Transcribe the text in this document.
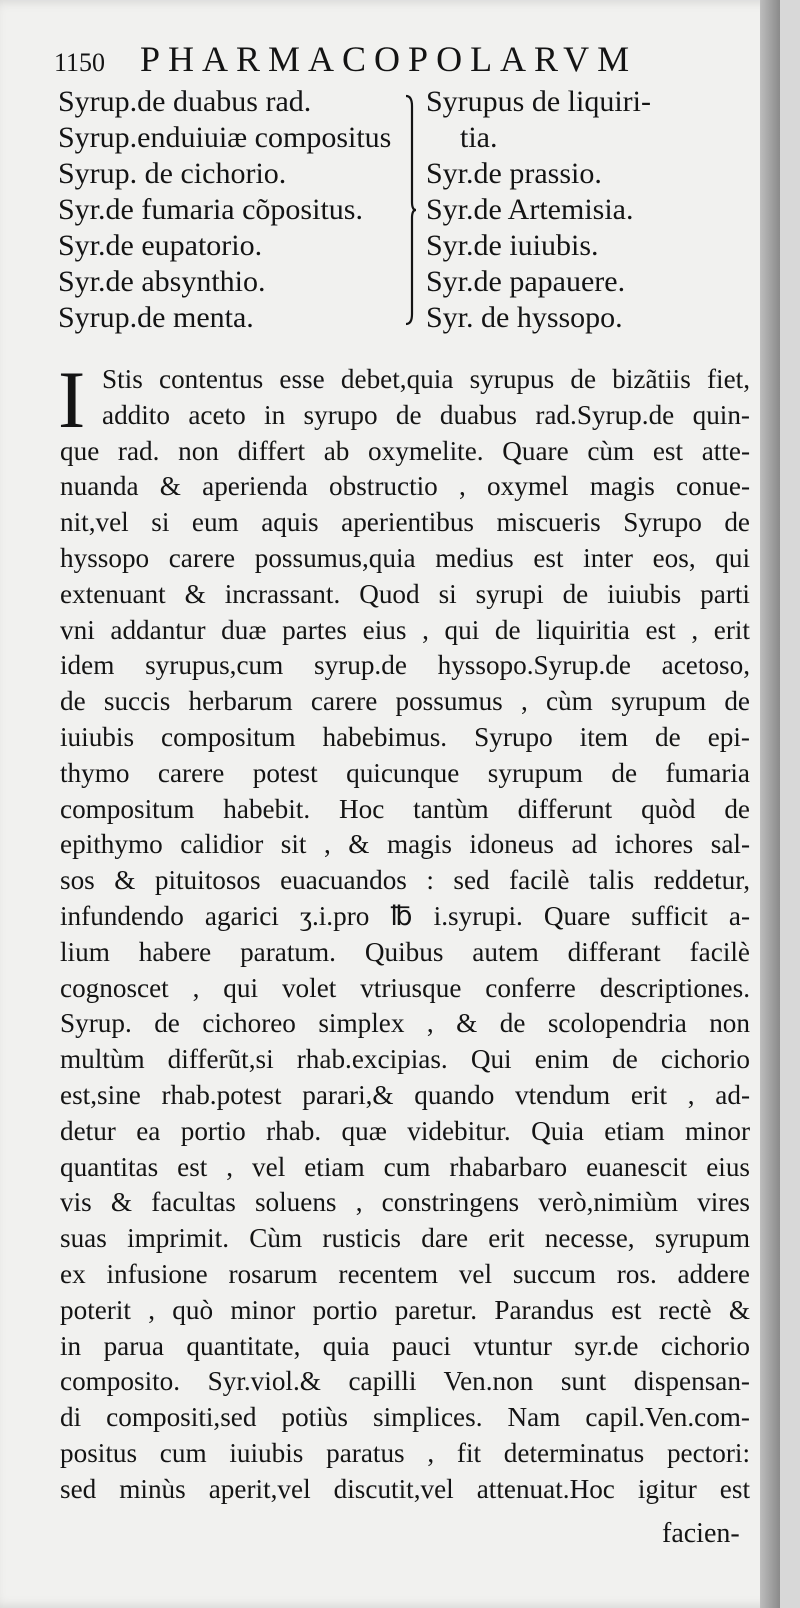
1150 PHARMACOPOLARVM
Syrup.de duabus rad.
Syrup.enduiuiæ compositus
Syrup. de cichorio.
Syr.de fumaria cõpositus.
Syr.de eupatorio.
Syr.de absynthio.
Syrup.de menta.
Syrupus de liquiri-
tia.
Syr.de prassio.
Syr.de Artemisia.
Syr.de iuiubis.
Syr.de papauere.
Syr. de hyssopo.
I Stis contentus esse debet,quia syrupus de bizãtiis fiet,
addito aceto in syrupo de duabus rad.Syrup.de quin-
que rad. non differt ab oxymelite. Quare cùm est atte-
nuanda & aperienda obstructio , oxymel magis conue-
nit,vel si eum aquis aperientibus miscueris Syrupo de
hyssopo carere possumus,quia medius est inter eos, qui
extenuant & incrassant. Quod si syrupi de iuiubis parti
vni addantur duæ partes eius , qui de liquiritia est , erit
idem syrupus,cum syrup.de hyssopo.Syrup.de acetoso,
de succis herbarum carere possumus , cùm syrupum de
iuiubis compositum habebimus. Syrupo item de epi-
thymo carere potest quicunque syrupum de fumaria
compositum habebit. Hoc tantùm differunt quòd de
epithymo calidior sit , & magis idoneus ad ichores sal-
sos & pituitosos euacuandos : sed facilè talis reddetur,
infundendo agarici ʒ.i.pro ℔ i.syrupi. Quare sufficit a-
lium habere paratum. Quibus autem differant facilè
cognoscet , qui volet vtriusque conferre descriptiones.
Syrup. de cichoreo simplex , & de scolopendria non
multùm differũt,si rhab.excipias. Qui enim de cichorio
est,sine rhab.potest parari,& quando vtendum erit , ad-
detur ea portio rhab. quæ videbitur. Quia etiam minor
quantitas est , vel etiam cum rhabarbaro euanescit eius
vis & facultas soluens , constringens verò,nimiùm vires
suas imprimit. Cùm rusticis dare erit necesse, syrupum
ex infusione rosarum recentem vel succum ros. addere
poterit , quò minor portio paretur. Parandus est rectè &
in parua quantitate, quia pauci vtuntur syr.de cichorio
composito. Syr.viol.& capilli Ven.non sunt dispensan-
di compositi,sed potiùs simplices. Nam capil.Ven.com-
positus cum iuiubis paratus , fit determinatus pectori:
sed minùs aperit,vel discutit,vel attenuat.Hoc igitur est
facien-
